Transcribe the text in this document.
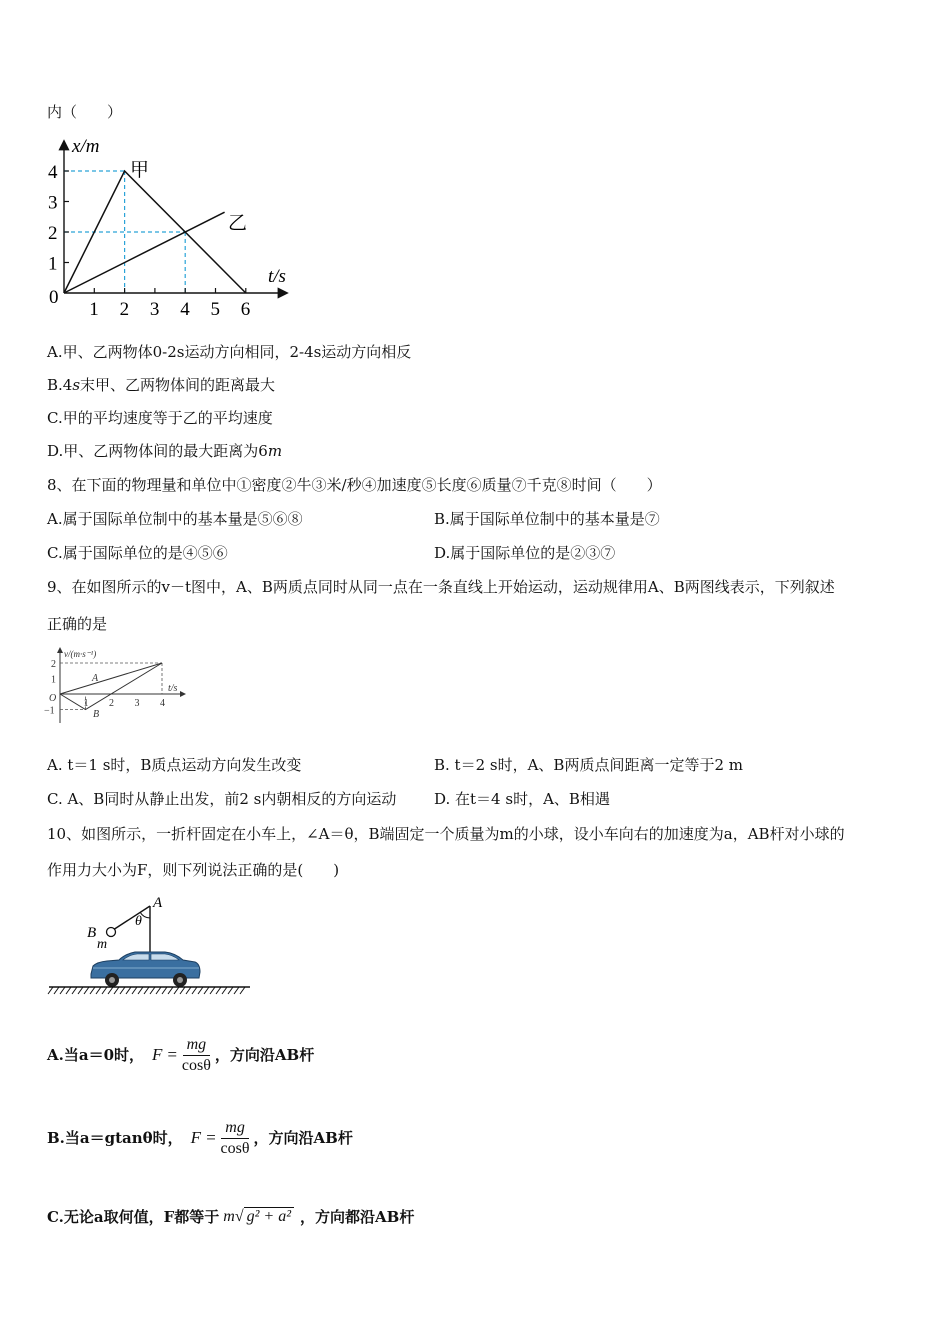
内（　　）
1 2 3 4 5 6
1
2
3
4
x/m
t/s
0
甲
乙
A.甲、乙两物体0-2s运动方向相同，2-4s运动方向相反
B.4s末甲、乙两物体间的距离最大
C.甲的平均速度等于乙的平均速度
D.甲、乙两物体间的最大距离为6m
8、在下面的物理量和单位中①密度②牛③米/秒④加速度⑤长度⑥质量⑦千克⑧时间（　　）
A.属于国际单位制中的基本量是⑤⑥⑧	B.属于国际单位制中的基本量是⑦
C.属于国际单位的是④⑤⑥	D.属于国际单位的是②③⑦
9、在如图所示的v－t图中，A、B两质点同时从同一点在一条直线上开始运动，运动规律用A、B两图线表示，下列叙述
正确的是
1 2 3 4
2
1
−1
v/(m·s⁻¹)
t/s
O
A
B
A. t＝1 s时，B质点运动方向发生改变	B. t＝2 s时，A、B两质点间距离一定等于2 m
C. A、B同时从静止出发，前2 s内朝相反的方向运动	D. 在t＝4 s时，A、B相遇
10、如图所示，一折杆固定在小车上，∠A＝θ，B端固定一个质量为m的小球，设小车向右的加速度为a，AB杆对小球的
作用力大小为F，则下列说法正确的是(　　)
A
B
θ
m
A.当a＝0时， $F = \frac{mg}{\cos\theta}$ ，方向沿AB杆
B.当a＝gtanθ时， $F = \frac{mg}{\cos\theta}$ ，方向沿AB杆
C.无论a取何值，F都等于 m√ g² + a² ，方向都沿AB杆
